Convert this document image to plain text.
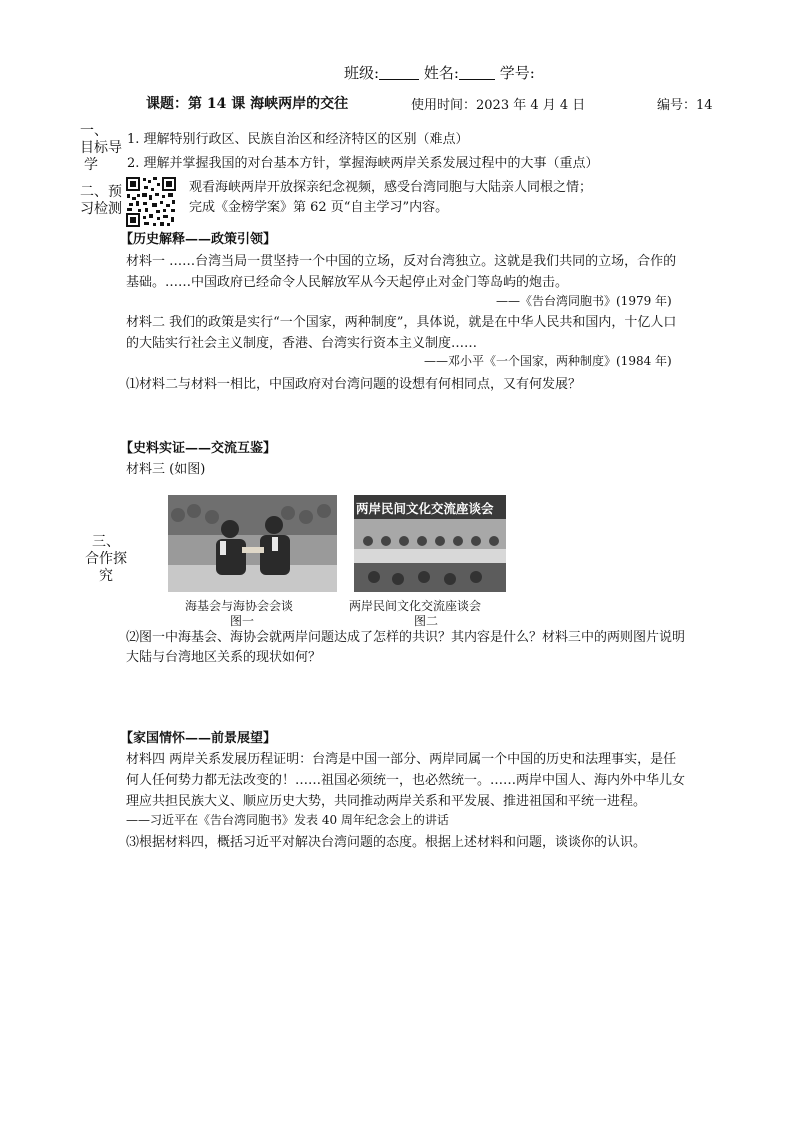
班级:	姓名:	学号:
课题：第 14 课 海峡两岸的交往	使用时间：2023 年 4 月 4 日	编号：14
一、
目标导
学
二、预
习检测
三、
合作探
究
1. 理解特别行政区、民族自治区和经济特区的区别（难点）
2. 理解并掌握我国的对台基本方针，掌握海峡两岸关系发展过程中的大事（重点）
观看海峡两岸开放探亲纪念视频，感受台湾同胞与大陆亲人同根之情；
完成《金榜学案》第 62 页“自主学习”内容。
【历史解释——政策引领】
材料一 ……台湾当局一贯坚持一个中国的立场，反对台湾独立。这就是我们共同的立场，合作的
基础。……中国政府已经命令人民解放军从今天起停止对金门等岛屿的炮击。
——《告台湾同胞书》(1979 年)
材料二 我们的政策是实行“一个国家，两种制度”，具体说，就是在中华人民共和国内，十亿人口
的大陆实行社会主义制度，香港、台湾实行资本主义制度……
——邓小平《一个国家，两种制度》(1984 年)
⑴材料二与材料一相比，中国政府对台湾问题的设想有何相同点，又有何发展？
【史料实证——交流互鉴】
材料三 (如图)
海基会与海协会会谈
图一
两岸民间文化交流座谈会
两岸民间文化交流座谈会
图二
⑵图一中海基会、海协会就两岸问题达成了怎样的共识？其内容是什么？材料三中的两则图片说明
大陆与台湾地区关系的现状如何？
【家国情怀——前景展望】
材料四 两岸关系发展历程证明：台湾是中国一部分、两岸同属一个中国的历史和法理事实，是任
何人任何势力都无法改变的！……祖国必须统一，也必然统一。……两岸中国人、海内外中华儿女
理应共担民族大义、顺应历史大势，共同推动两岸关系和平发展、推进祖国和平统一进程。
——习近平在《告台湾同胞书》发表 40 周年纪念会上的讲话
⑶根据材料四，概括习近平对解决台湾问题的态度。根据上述材料和问题，谈谈你的认识。
